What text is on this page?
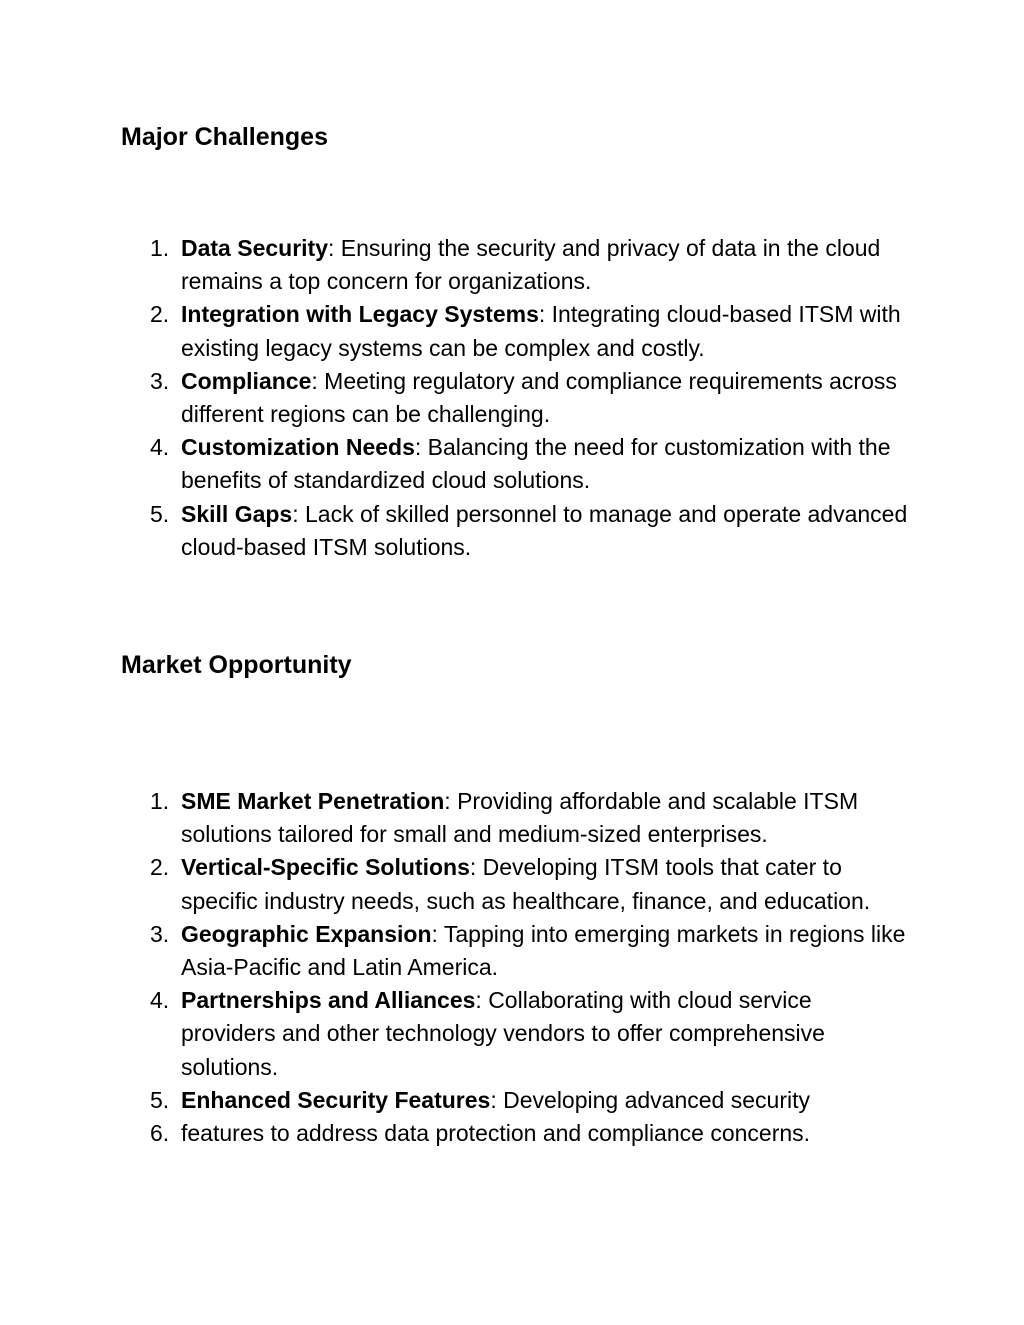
Major Challenges
1. Data Security: Ensuring the security and privacy of data in the cloud remains a top concern for organizations.
2. Integration with Legacy Systems: Integrating cloud-based ITSM with existing legacy systems can be complex and costly.
3. Compliance: Meeting regulatory and compliance requirements across different regions can be challenging.
4. Customization Needs: Balancing the need for customization with the benefits of standardized cloud solutions.
5. Skill Gaps: Lack of skilled personnel to manage and operate advanced cloud-based ITSM solutions.
Market Opportunity
1. SME Market Penetration: Providing affordable and scalable ITSM solutions tailored for small and medium-sized enterprises.
2. Vertical-Specific Solutions: Developing ITSM tools that cater to specific industry needs, such as healthcare, finance, and education.
3. Geographic Expansion: Tapping into emerging markets in regions like Asia-Pacific and Latin America.
4. Partnerships and Alliances: Collaborating with cloud service providers and other technology vendors to offer comprehensive solutions.
5. Enhanced Security Features: Developing advanced security
6. features to address data protection and compliance concerns.
